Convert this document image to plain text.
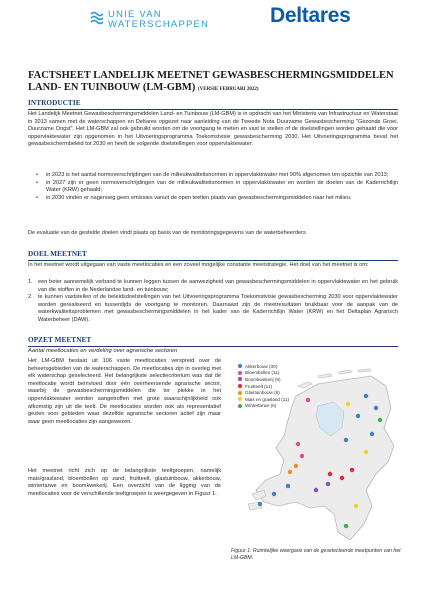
UNIE VAN
WATERSCHAPPEN	Deltares
FACTSHEET LANDELIJK MEETNET GEWASBESCHERMINGSMIDDELEN LAND- EN TUINBOUW (LM-GBM) (VERSIE FEBRUARI 2022)
INTRODUCTIE
Het Landelijk Meetnet Gewasbeschermingsmiddelen Land- en Tuinbouw (LM-GBM) is in opdracht van het Ministerie van Infrastructuur en Waterstaat in 2013 samen met de waterschappen en Deltares opgezet naar aanleiding van de Tweede Nota Duurzame Gewasbescherming "Gezonde Groei, Duurzame Oogst". Het LM-GBM zal ook gebruikt worden om de voortgang te meten en vast te stellen of de doelstellingen worden gehaald die voor oppervlaktewater zijn opgenomen in het Uitvoeringsprogramma Toekomstvisie gewasbescherming 2030. Het Uitvoeringsprogramma bevat het gewasbeschermbeleid tot 2030 en heeft de volgende doelstellingen voor oppervlaktewater:
• in 2023 is het aantal normoverschrijdingen van de milieukwaliteitsnormen in oppervlaktewater met 90% afgenomen ten opzichte van 2013;
• in 2027 zijn er geen normoverschrijdingen van de milieukwaliteitsnormen in oppervlaktewater en worden de doelen van de Kaderrichtlijn Water (KRW) gehaald;
• in 2030 vinden er nagenoeg geen emissies vanuit de open teelten plaats van gewasbeschermingsmiddelen naar het milieu.
De evaluatie van de gestelde doelen vindt plaats op basis van de monitoringsgegevens van de waterbeheerders.
DOEL MEETNET
In het meetnet wordt uitgegaan van vaste meetlocaties en een zoveel mogelijke constante meetstrategie. Het doel van het meetnet is om:
1. een beter aannemelijk verband te kunnen leggen tussen de aanwezigheid van gewasbeschermingsmiddelen in oppervlaktewater en het gebruik van die stoffen in de Nederlandse land- en tuinbouw;
2. te kunnen vaststellen of de beleidsdoelstellingen van het Uitvoeringsprogramma Toekomstvisie gewasbescherming 2030 voor oppervlaktewater worden gerealiseerd en tussentijds de voortgang te monitoren. Daarnaast zijn de meetresultaten bruikbaar voor de aanpak van de waterkwaliteitsproblemen met gewasbeschermingsmiddelen in het kader van de Kaderrichtlijn Water (KRW) en het Deltaplan Agrarisch Waterbeheer (DAW).
OPZET MEETNET
Aantal meetlocaties en verdeling over agrarische sectoren
Het LM-GBM bestaat uit 106 vaste meetlocaties verspreid over de beheersgebieden van de waterschappen. De meetlocaties zijn in overleg met elk waterschap geselecteerd. Het belangrijkste selectiecriterium was dat de meetlocatie wordt beïnvloed door één overheersende agrarische sector, waarbij de gewasbeschermingsmiddelen die ter plekke in het oppervlaktewater worden aangetroffen met grote waarschijnlijkheid ook afkomstig zijn uit die teelt. De meetlocaties worden ook als representatief gezien voor gebieden waar dezelfde agrarische sectoren actief zijn maar waar geen meetlocaties zijn aangewezen.
Het meetnet richt zich op de belangrijkste teeltgroepen, namelijk mais/grasland, bloembollen op zand, fruitteelt, glastuinbouw, akkerbouw, wintertarwe en boomkwekerij. Een overzicht van de ligging van de meetlocaties voor de verschillende teeltgroepen is weergegeven in Figuur 1.
Akkerbouw (30)
Bloembollen (11)
Boomkwekerij (9)
Fruitteelt (11)
Glastuinbouw (9)
Mais en grasland (11)
Wintertarwe (6)
Figuur 1: Ruimtelijke weergave van de geselecteerde meetpunten van het LM-GBM.
